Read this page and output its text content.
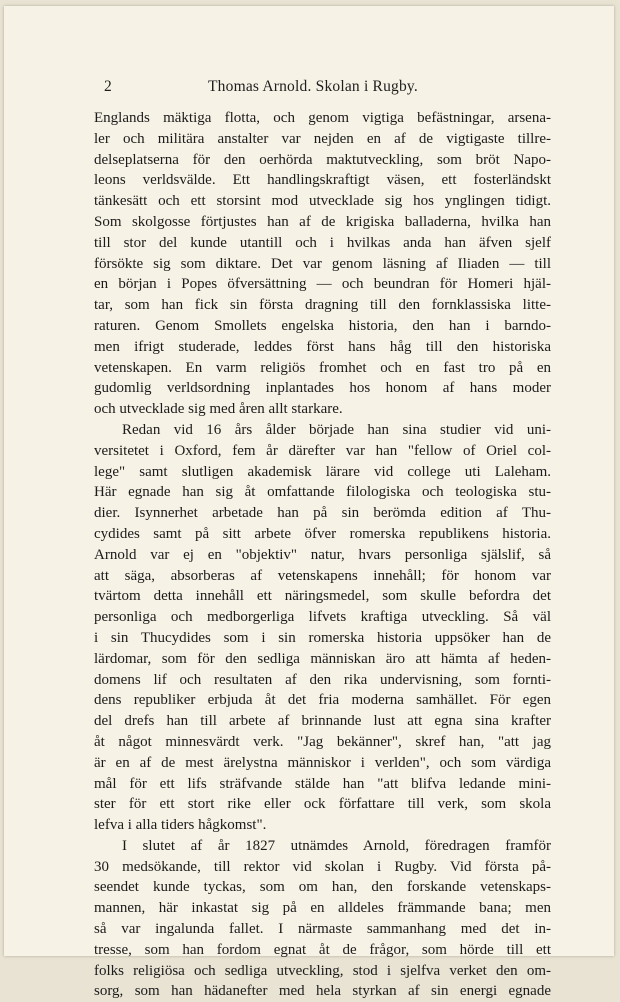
2	Thomas Arnold. Skolan i Rugby.
Englands mäktiga flotta, och genom vigtiga befästningar, arsena-
ler och militära anstalter var nejden en af de vigtigaste tillre-
delseplatserna för den oerhörda maktutveckling, som bröt Napo-
leons verldsvälde. Ett handlingskraftigt väsen, ett fosterländskt
tänkesätt och ett storsint mod utvecklade sig hos ynglingen tidigt.
Som skolgosse förtjustes han af de krigiska balladerna, hvilka han
till stor del kunde utantill och i hvilkas anda han äfven sjelf
försökte sig som diktare. Det var genom läsning af Iliaden — till
en början i Popes öfversättning — och beundran för Homeri hjäl-
tar, som han fick sin första dragning till den fornklassiska litte-
raturen. Genom Smollets engelska historia, den han i barndo-
men ifrigt studerade, leddes först hans håg till den historiska
vetenskapen. En varm religiös fromhet och en fast tro på en
gudomlig verldsordning inplantades hos honom af hans moder
och utvecklade sig med åren allt starkare.
Redan vid 16 års ålder började han sina studier vid uni-
versitetet i Oxford, fem år därefter var han "fellow of Oriel col-
lege" samt slutligen akademisk lärare vid college uti Laleham.
Här egnade han sig åt omfattande filologiska och teologiska stu-
dier. Isynnerhet arbetade han på sin berömda edition af Thu-
cydides samt på sitt arbete öfver romerska republikens historia.
Arnold var ej en "objektiv" natur, hvars personliga själslif, så
att säga, absorberas af vetenskapens innehåll; för honom var
tvärtom detta innehåll ett näringsmedel, som skulle befordra det
personliga och medborgerliga lifvets kraftiga utveckling. Så väl
i sin Thucydides som i sin romerska historia uppsöker han de
lärdomar, som för den sedliga människan äro att hämta af heden-
domens lif och resultaten af den rika undervisning, som fornti-
dens republiker erbjuda åt det fria moderna samhället. För egen
del drefs han till arbete af brinnande lust att egna sina krafter
åt något minnesvärdt verk. "Jag bekänner", skref han, "att jag
är en af de mest ärelystna människor i verlden", och som värdiga
mål för ett lifs sträfvande stälde han "att blifva ledande mini-
ster för ett stort rike eller ock författare till verk, som skola
lefva i alla tiders hågkomst".
I slutet af år 1827 utnämdes Arnold, föredragen framför
30 medsökande, till rektor vid skolan i Rugby. Vid första på-
seendet kunde tyckas, som om han, den forskande vetenskaps-
mannen, här inkastat sig på en alldeles främmande bana; men
så var ingalunda fallet. I närmaste sammanhang med det in-
tresse, som han fordom egnat åt de frågor, som hörde till ett
folks religiösa och sedliga utveckling, stod i sjelfva verket den om-
sorg, som han hädanefter med hela styrkan af sin energi egnade
